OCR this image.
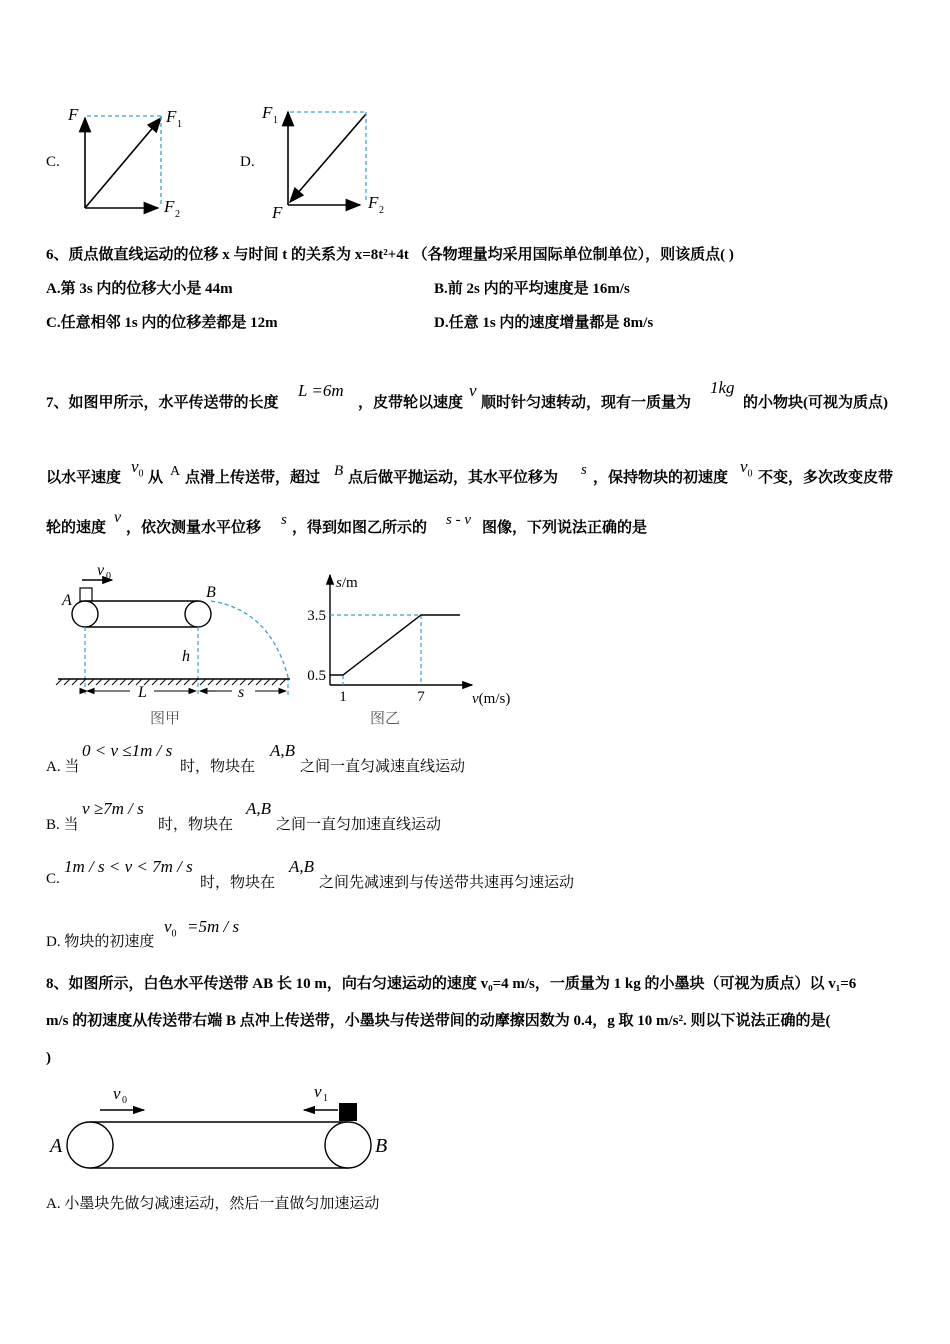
C.
F	F 1
F 2
D.
F 1
F
F 2
6、质点做直线运动的位移 x 与时间 t 的关系为 x=8t²+4t （各物理量均采用国际单位制单位），则该质点( )
A.第 3s 内的位移大小是 44m	B.前 2s 内的平均速度是 16m/s
C.任意相邻 1s 内的位移差都是 12m	D.任意 1s 内的速度增量都是 8m/s
7、如图甲所示，水平传送带的长度
L =6m
，皮带轮以速度
v
顺时针匀速转动，现有一质量为
1kg
的小物块(可视为质点)
以水平速度
$v_0$ 从 A 点滑上传送带，超过 B 点后做平抛运动，其水平位移为 s ，保持物块的初速度
$v_0$ 不变，多次改变皮带
轮的速度
v
，依次测量水平位移 s ，得到如图乙所示的 s - v 图像，下列说法正确的是
v 0
A	B
h
L	s
图甲
s/m
v(m/s)
3.5
0.5
1	7
图乙
A. 当
0 < v ≤1m / s
时，物块在
A,B
之间一直匀减速直线运动
B. 当
v ≥7m / s
时，物块在
A,B
之间一直匀加速直线运动
C.
1m / s < v < 7m / s
时，物块在
A,B
之间先减速到与传送带共速再匀速运动
D. 物块的初速度
$v_0 =5m / s$
8、如图所示，白色水平传送带 AB 长 10 m，向右匀速运动的速度 v₀=4 m/s，一质量为 1 kg 的小墨块（可视为质点）以 v₁=6
m/s 的初速度从传送带右端 B 点冲上传送带，小墨块与传送带间的动摩擦因数为 0.4，g 取 10 m/s². 则以下说法正确的是(
)
v 0	v 1
A	B
A. 小墨块先做匀减速运动，然后一直做匀加速运动
